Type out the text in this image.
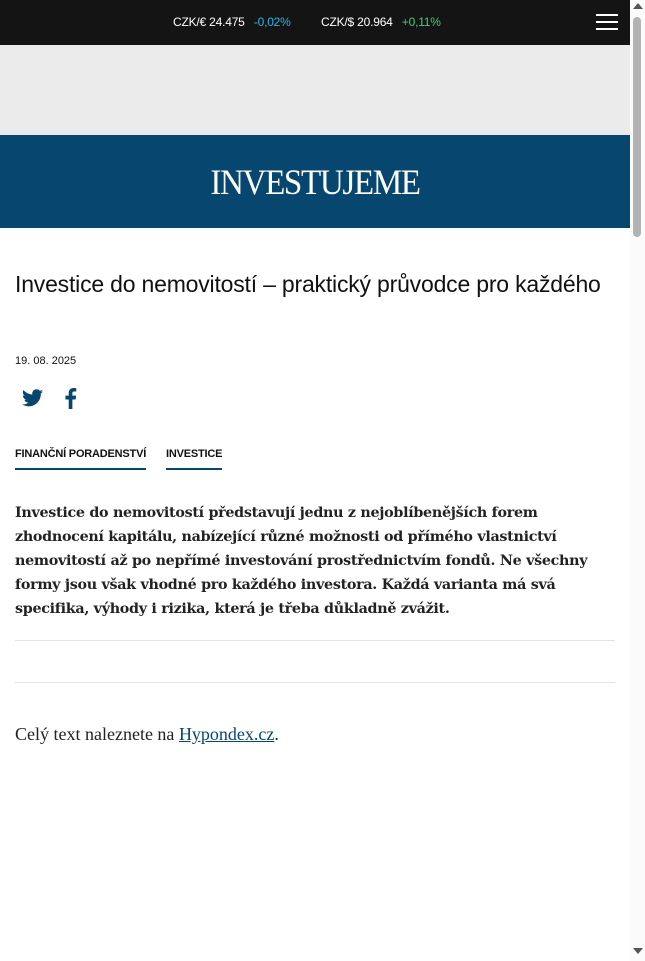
CZK/€ 24.475 -0,02%	CZK/$ 20.964 +0,11%
INVESTUJEME
Investice do nemovitostí – praktický průvodce pro každého
19. 08. 2025
FINANČNÍ PORADENSTVÍ INVESTICE

Investice do nemovitostí představují jednu z nejoblíbenějších forem zhodnocení kapitálu, nabízející různé možnosti od přímého vlastnictví nemovitostí až po nepřímé investování prostřednictvím fondů. Ne všechny formy jsou však vhodné pro každého investora. Každá varianta má svá specifika, výhody i rizika, která je třeba důkladně zvážit.

Celý text naleznete na Hypondex.cz.
